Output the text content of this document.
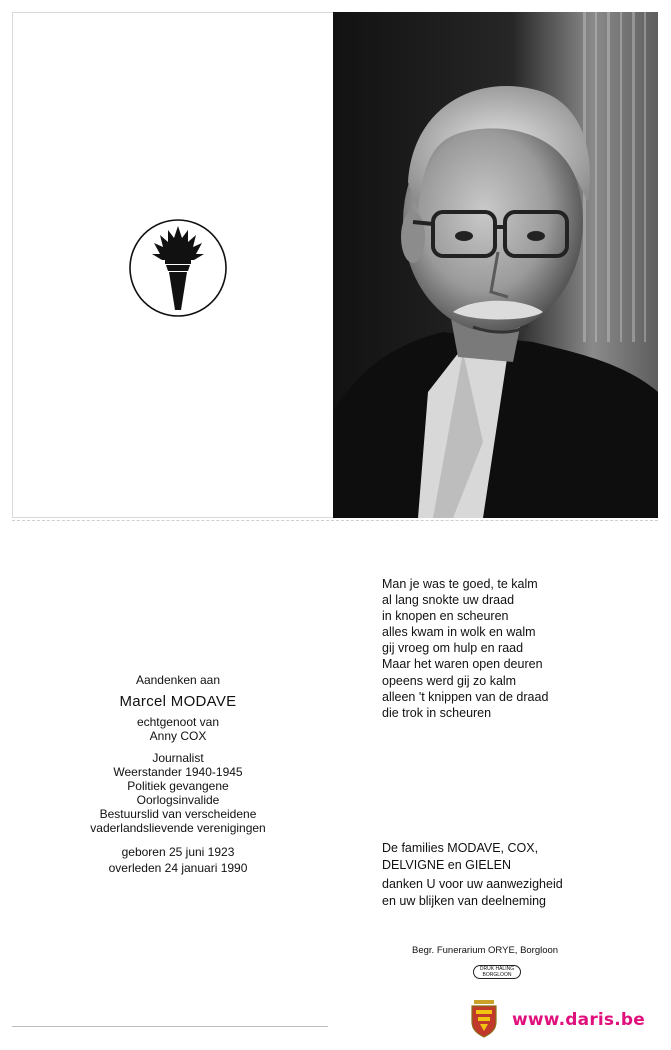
Aandenken aan
Marcel MODAVE
echtgenoot van
Anny COX
Journalist
Weerstander 1940-1945
Politiek gevangene
Oorlogsinvalide
Bestuurslid van verscheidene
vaderlandslievende verenigingen
geboren 25 juni 1923
overleden 24 januari 1990
Man je was te goed, te kalm
al lang snokte uw draad
in knopen en scheuren
alles kwam in wolk en walm
gij vroeg om hulp en raad
Maar het waren open deuren
opeens werd gij zo kalm
alleen 't knippen van de draad
die trok in scheuren
De families MODAVE, COX,
DELVIGNE en GIELEN
danken U voor uw aanwezigheid
en uw blijken van deelneming
Begr. Funerarium ORYE, Borgloon
DRUK HALING
BORGLOON
www.daris.be
